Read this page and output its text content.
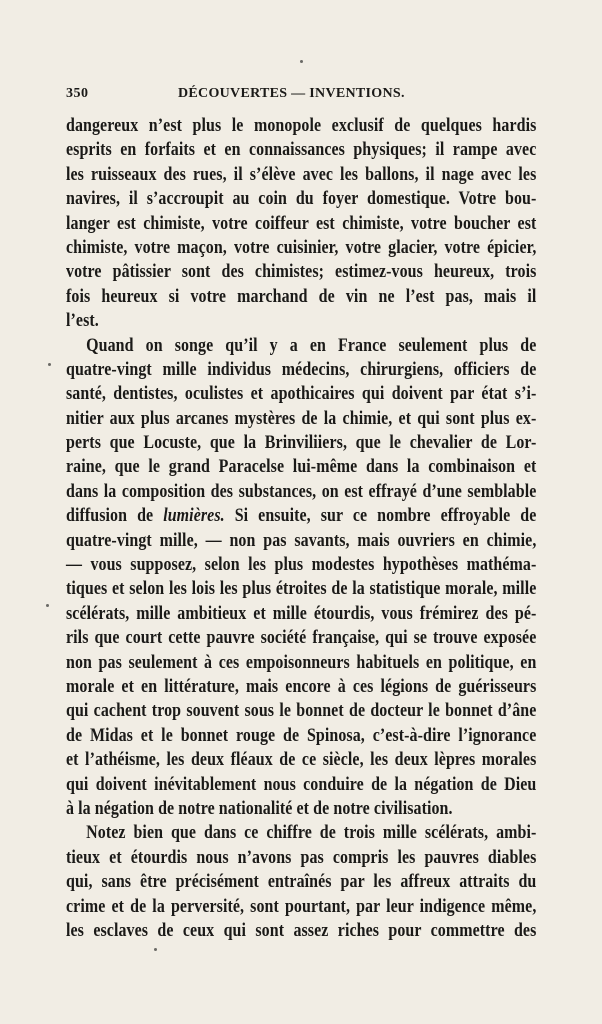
350	DÉCOUVERTES — INVENTIONS.
dangereux n’est plus le monopole exclusif de quelques hardis
esprits en forfaits et en connaissances physiques; il rampe avec
les ruisseaux des rues, il s’élève avec les ballons, il nage avec les
navires, il s’accroupit au coin du foyer domestique. Votre bou-
langer est chimiste, votre coiffeur est chimiste, votre boucher est
chimiste, votre maçon, votre cuisinier, votre glacier, votre épicier,
votre pâtissier sont des chimistes; estimez-vous heureux, trois
fois heureux si votre marchand de vin ne l’est pas, mais il
l’est.
Quand on songe qu’il y a en France seulement plus de
quatre-vingt mille individus médecins, chirurgiens, officiers de
santé, dentistes, oculistes et apothicaires qui doivent par état s’i-
nitier aux plus arcanes mystères de la chimie, et qui sont plus ex-
perts que Locuste, que la Brinviliiers, que le chevalier de Lor-
raine, que le grand Paracelse lui-même dans la combinaison et
dans la composition des substances, on est effrayé d’une semblable
diffusion de lumières. Si ensuite, sur ce nombre effroyable de
quatre-vingt mille, — non pas savants, mais ouvriers en chimie,
— vous supposez, selon les plus modestes hypothèses mathéma-
tiques et selon les lois les plus étroites de la statistique morale, mille
scélérats, mille ambitieux et mille étourdis, vous frémirez des pé-
rils que court cette pauvre société française, qui se trouve exposée
non pas seulement à ces empoisonneurs habituels en politique, en
morale et en littérature, mais encore à ces légions de guérisseurs
qui cachent trop souvent sous le bonnet de docteur le bonnet d’âne
de Midas et le bonnet rouge de Spinosa, c’est-à-dire l’ignorance
et l’athéisme, les deux fléaux de ce siècle, les deux lèpres morales
qui doivent inévitablement nous conduire de la négation de Dieu
à la négation de notre nationalité et de notre civilisation.
Notez bien que dans ce chiffre de trois mille scélérats, ambi-
tieux et étourdis nous n’avons pas compris les pauvres diables
qui, sans être précisément entraînés par les affreux attraits du
crime et de la perversité, sont pourtant, par leur indigence même,
les esclaves de ceux qui sont assez riches pour commettre des
